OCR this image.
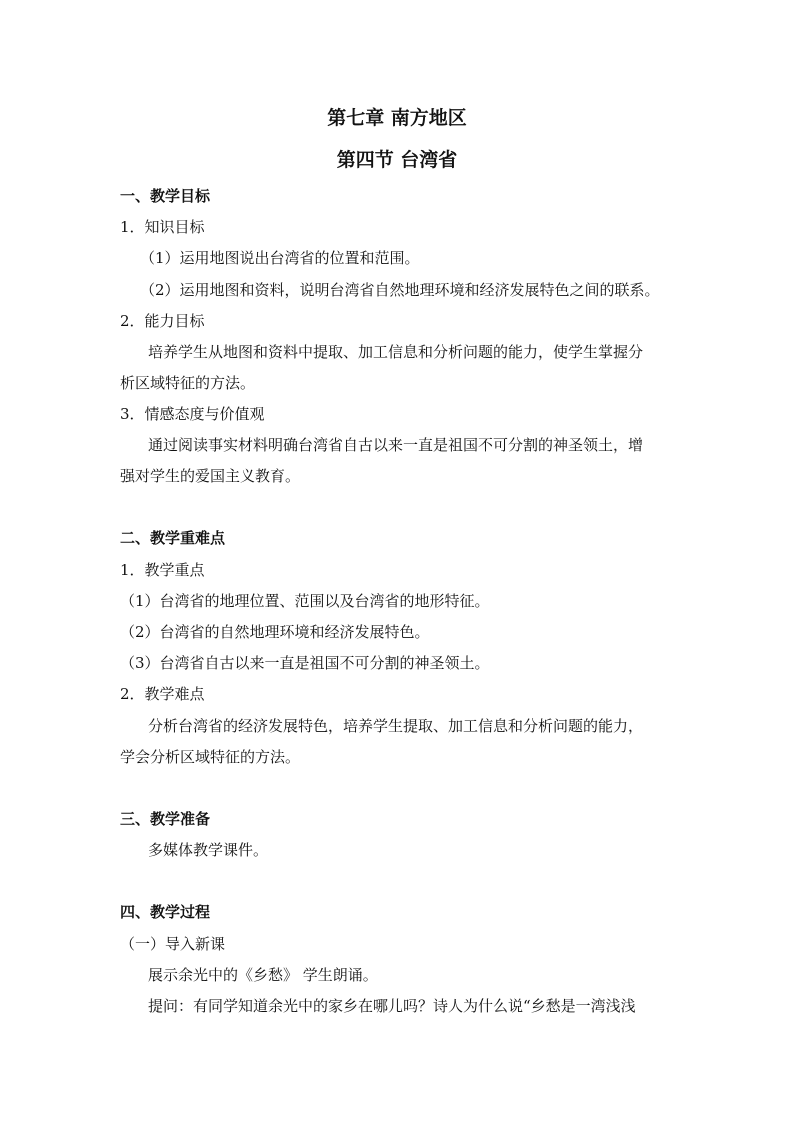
第七章 南方地区
第四节 台湾省
一、教学目标
1．知识目标
（1）运用地图说出台湾省的位置和范围。
（2）运用地图和资料，说明台湾省自然地理环境和经济发展特色之间的联系。
2．能力目标
培养学生从地图和资料中提取、加工信息和分析问题的能力，使学生掌握分
析区域特征的方法。
3．情感态度与价值观
通过阅读事实材料明确台湾省自古以来一直是祖国不可分割的神圣领土，增
强对学生的爱国主义教育。
二、教学重难点
1．教学重点
（1）台湾省的地理位置、范围以及台湾省的地形特征。
（2）台湾省的自然地理环境和经济发展特色。
（3）台湾省自古以来一直是祖国不可分割的神圣领土。
2．教学难点
分析台湾省的经济发展特色，培养学生提取、加工信息和分析问题的能力，
学会分析区域特征的方法。
三、教学准备
多媒体教学课件。
四、教学过程
（一）导入新课
展示余光中的《乡愁》 学生朗诵。
提问：有同学知道余光中的家乡在哪儿吗？诗人为什么说“乡愁是一湾浅浅
